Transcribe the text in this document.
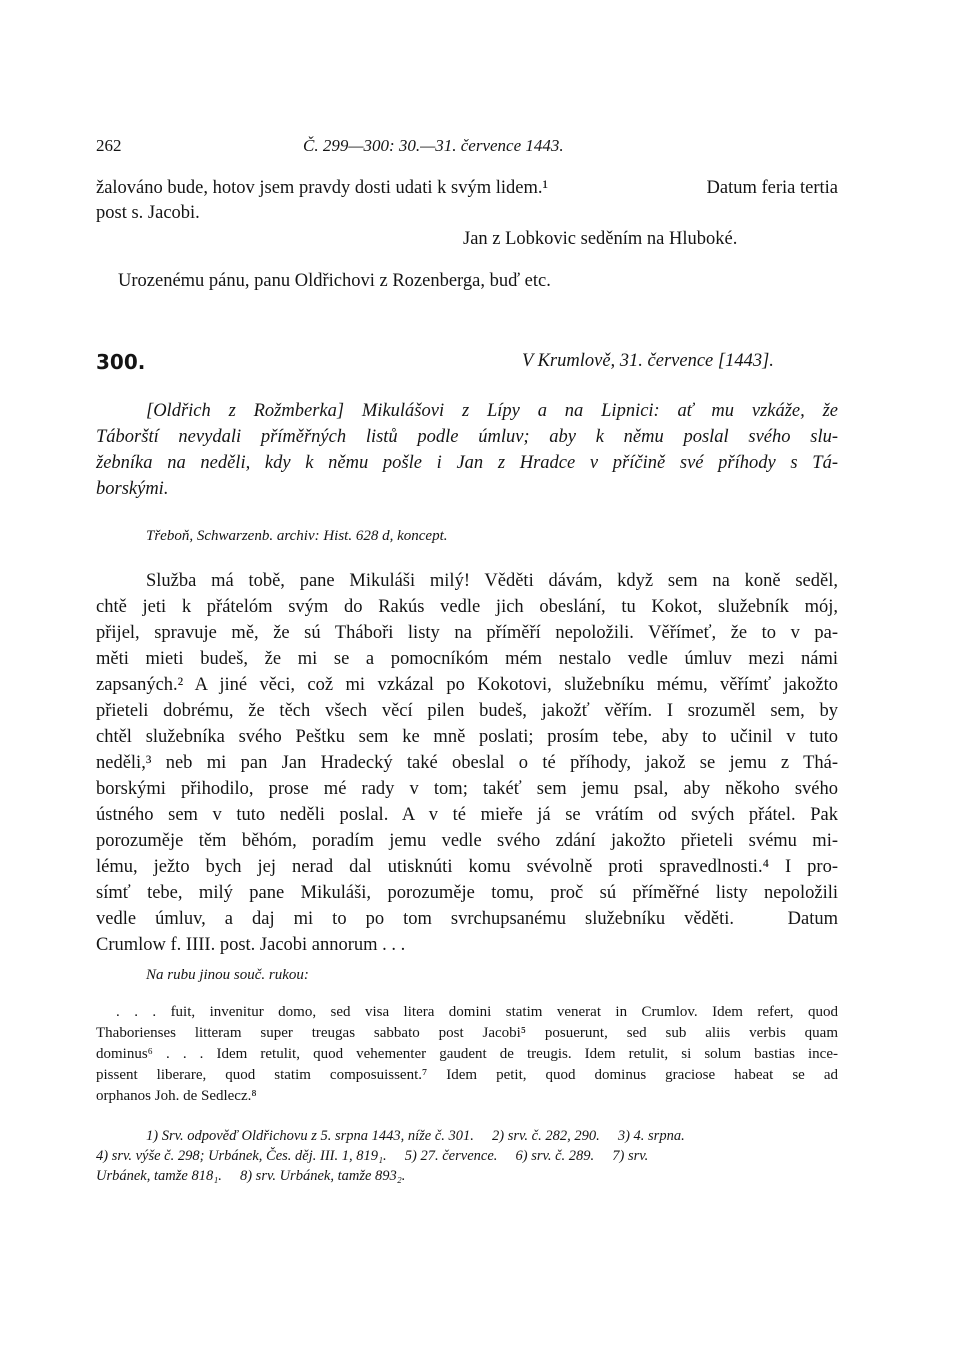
262	Č. 299—300: 30.—31. července 1443.
žalováno bude, hotov jsem pravdy dosti udati k svým lidem.¹	Datum feria tertia
post s. Jacobi.
Jan z Lobkovic seděním na Hluboké.
Urozenému pánu, panu Oldřichovi z Rozenberga, buď etc.
300.	V Krumlově, 31. července [1443].
[Oldřich z Rožmberka] Mikulášovi z Lípy a na Lipnici: ať mu vzkáže, že
Táborští nevydali příměřných listů podle úmluv; aby k němu poslal svého slu-
žebníka na neděli, kdy k němu pošle i Jan z Hradce v příčině své příhody s Tá-
borskými.
Třeboň, Schwarzenb. archiv: Hist. 628 d, koncept.
Služba má tobě, pane Mikuláši milý! Věděti dávám, když sem na koně seděl,
chtě jeti k přátelóm svým do Rakús vedle jich obeslání, tu Kokot, služebník mój,
přijel, spravuje mě, že sú Tháboři listy na příměří nepoložili. Věřímeť, že to v pa-
měti mieti budeš, že mi se a pomocníkóm mém nestalo vedle úmluv mezi námi
zapsaných.² A jiné věci, což mi vzkázal po Kokotovi, služebníku mému, věřímť jakožto
přieteli dobrému, že těch všech věcí pilen budeš, jakožť věřím. I srozuměl sem, by
chtěl služebníka svého Peštku sem ke mně poslati; prosím tebe, aby to učinil v tuto
neděli,³ neb mi pan Jan Hradecký také obeslal o té příhody, jakož se jemu z Thá-
borskými přihodilo, prose mé rady v tom; takéť sem jemu psal, aby někoho svého
ústného sem v tuto neděli poslal. A v té mieře já se vrátím od svých přátel. Pak
porozuměje těm běhóm, poradím jemu vedle svého zdání jakožto přieteli svému mi-
lému, ježto bych jej nerad dal utisknúti komu svévolně proti spravedlnosti.⁴ I pro-
símť tebe, milý pane Mikuláši, porozuměje tomu, proč sú příměřné listy nepoložili
vedle úmluv, a daj mi to po tom svrchupsanému služebníku věděti.	Datum
Crumlow f. IIII. post. Jacobi annorum . . .
Na rubu jinou souč. rukou:
. . . fuit, invenitur domo, sed visa litera domini statim venerat in Crumlov. Idem refert, quod
Thaborienses litteram super treugas sabbato post Jacobi⁵ posuerunt, sed sub aliis verbis quam
dominus⁶ . . . Idem retulit, quod vehementer gaudent de treugis. Idem retulit, si solum bastias ince-
pissent liberare, quod statim composuissent.⁷ Idem petit, quod dominus graciose habeat se ad
orphanos Joh. de Sedlecz.⁸
1) Srv. odpověď Oldřichovu z 5. srpna 1443, níže č. 301.     2) srv. č. 282, 290.     3) 4. srpna.
4) srv. výše č. 298; Urbánek, Čes. děj. III. 1, 819₁.     5) 27. července.     6) srv. č. 289.     7) srv.
Urbánek, tamže 818₁.     8) srv. Urbánek, tamže 893₂.
